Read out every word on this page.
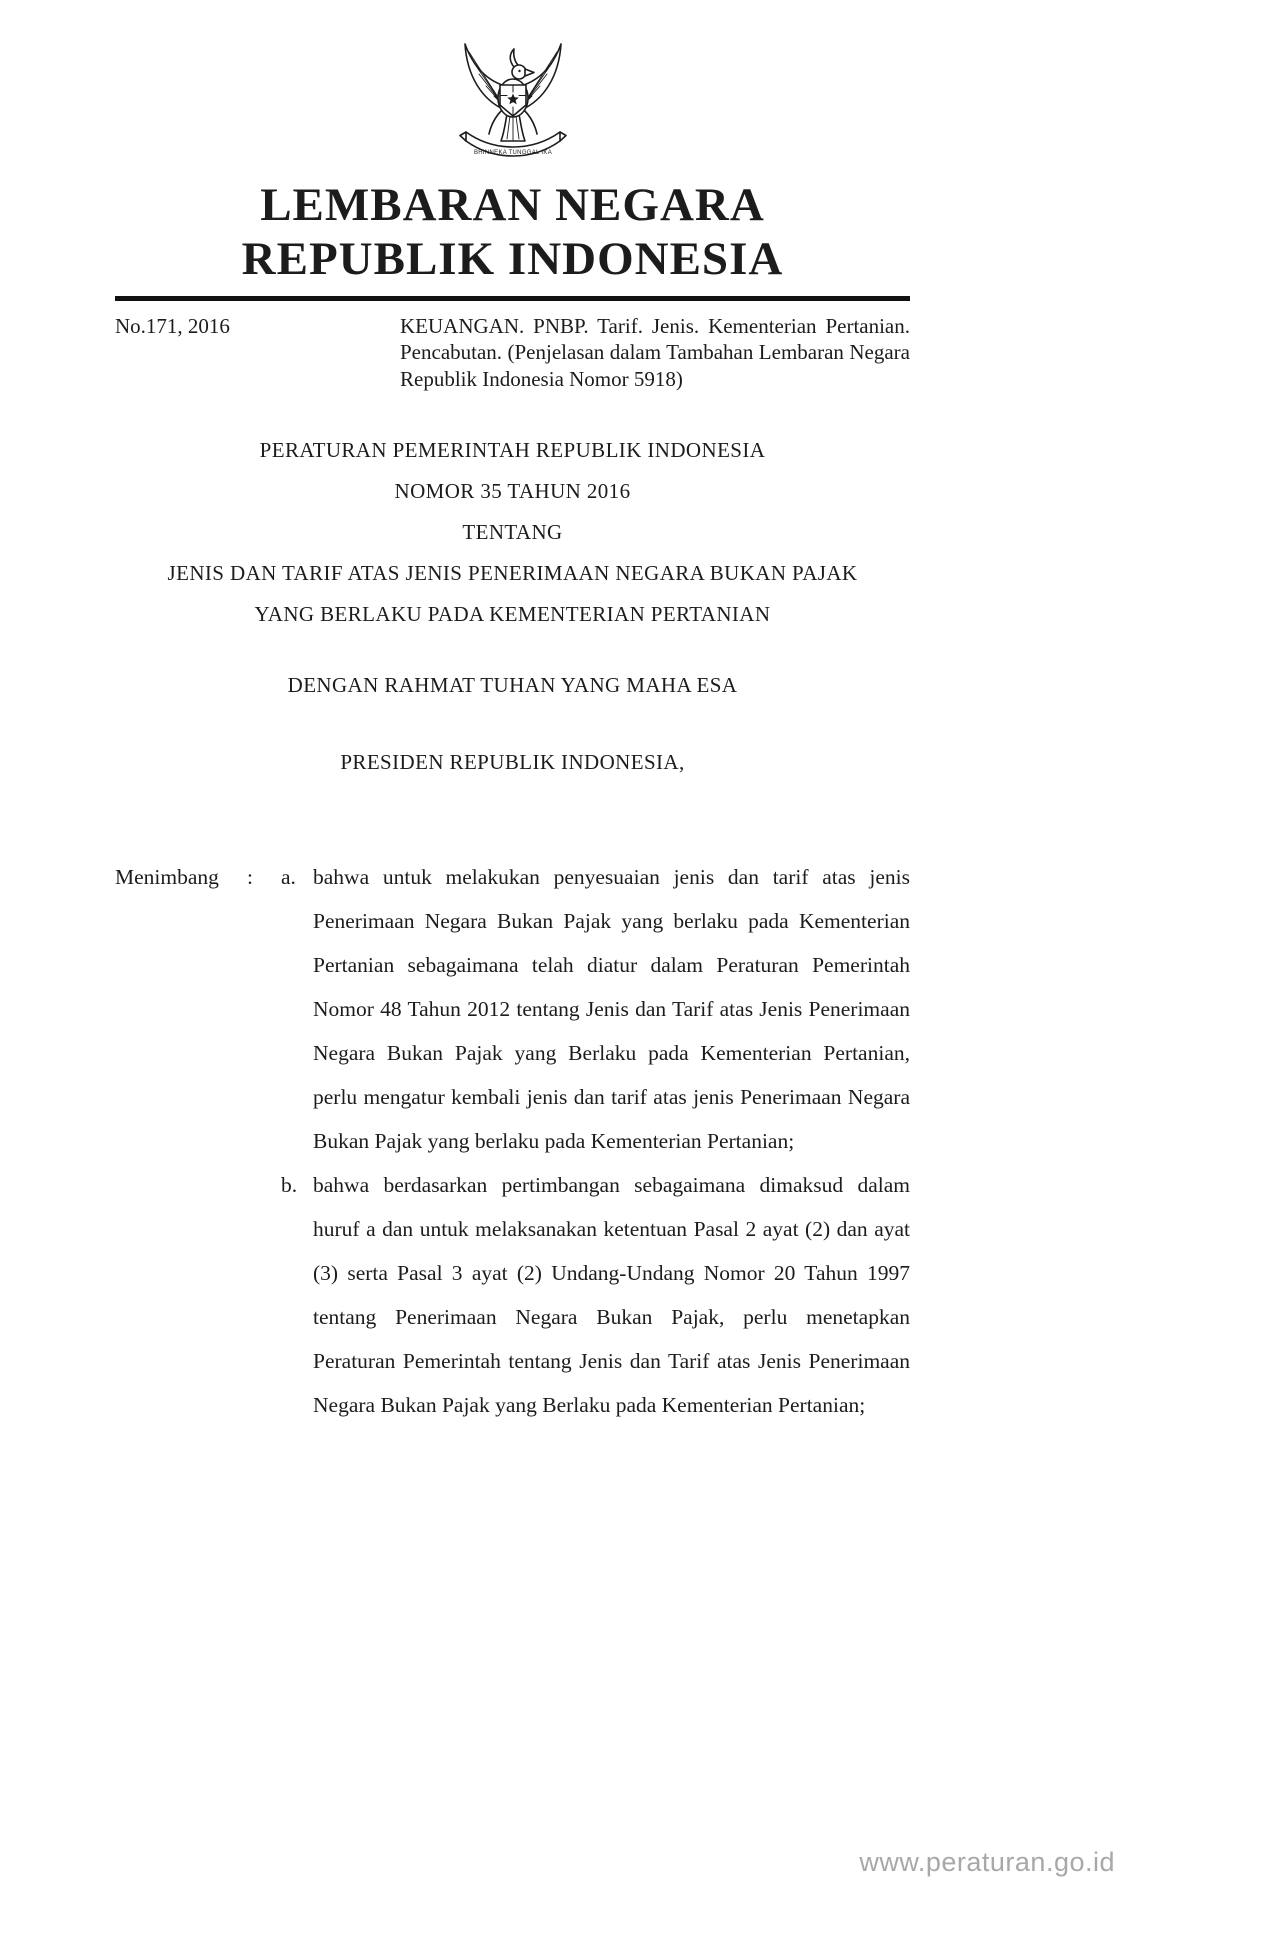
BHINNEKA TUNGGAL IKA
LEMBARAN NEGARA
REPUBLIK INDONESIA
No.171, 2016	KEUANGAN. PNBP. Tarif. Jenis. Kementerian Pertanian. Pencabutan. (Penjelasan dalam Tambahan Lembaran Negara Republik Indonesia Nomor 5918)
PERATURAN PEMERINTAH REPUBLIK INDONESIA
NOMOR 35 TAHUN 2016
TENTANG
JENIS DAN TARIF ATAS JENIS PENERIMAAN NEGARA BUKAN PAJAK
YANG BERLAKU PADA KEMENTERIAN PERTANIAN
DENGAN RAHMAT TUHAN YANG MAHA ESA
PRESIDEN REPUBLIK INDONESIA,
Menimbang	:	a. bahwa untuk melakukan penyesuaian jenis dan tarif atas jenis Penerimaan Negara Bukan Pajak yang berlaku pada Kementerian Pertanian sebagaimana telah diatur dalam Peraturan Pemerintah Nomor 48 Tahun 2012 tentang Jenis dan Tarif atas Jenis Penerimaan Negara Bukan Pajak yang Berlaku pada Kementerian Pertanian, perlu mengatur kembali jenis dan tarif atas jenis Penerimaan Negara Bukan Pajak yang berlaku pada Kementerian Pertanian;
b. bahwa berdasarkan pertimbangan sebagaimana dimaksud dalam huruf a dan untuk melaksanakan ketentuan Pasal 2 ayat (2) dan ayat (3) serta Pasal 3 ayat (2) Undang-Undang Nomor 20 Tahun 1997 tentang Penerimaan Negara Bukan Pajak, perlu menetapkan Peraturan Pemerintah tentang Jenis dan Tarif atas Jenis Penerimaan Negara Bukan Pajak yang Berlaku pada Kementerian Pertanian;
www.peraturan.go.id
